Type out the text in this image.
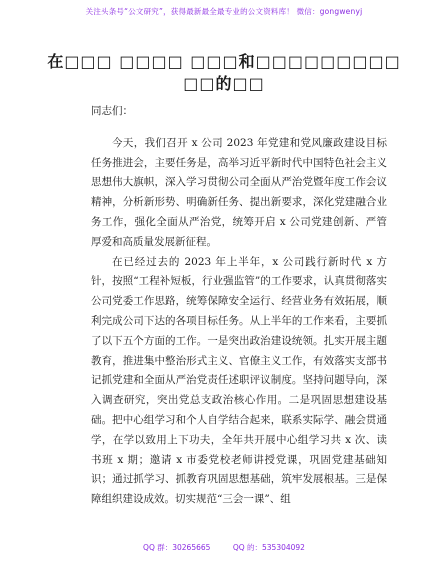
关注头条号“公文研究”，获得最新最全最专业的公文资料库！ 微信：gongwenyj
在□□□ □□□□ □□□和□□□□□□□□□ □□的□□

同志们：

今天，我们召开 x 公司 2023 年党建和党风廉政建设目标任务推进会，主要任务是，高举习近平新时代中国特色社会主义思想伟大旗帜，深入学习贯彻公司全面从严治党暨年度工作会议精神，分析新形势、明确新任务、提出新要求，深化党建融合业务工作，强化全面从严治党，统筹开启 x 公司党建创新、严管厚爱和高质量发展新征程。

在已经过去的 2023 年上半年，x 公司践行新时代 x 方针，按照“工程补短板，行业强监管”的工作要求，认真贯彻落实公司党委工作思路，统筹保障安全运行、经营业务有效拓展，顺利完成公司下达的各项目标任务。从上半年的工作来看，主要抓了以下五个方面的工作。一是突出政治建设统领。扎实开展主题教育，推进集中整治形式主义、官僚主义工作，有效落实支部书记抓党建和全面从严治党责任述职评议制度。坚持问题导向，深入调查研究，突出党总支政治核心作用。二是巩固思想建设基础。把中心组学习和个人自学结合起来，联系实际学、融会贯通学，在学以致用上下功夫，全年共开展中心组学习共 x 次、读书班 x 期；邀请 x 市委党校老师讲授党课，巩固党建基础知识；通过抓学习、抓教育巩固思想基础，筑牢发展根基。三是保障组织建设成效。切实规范“三会一课”、组

QQ 群：30265665	QQ 的：535304092
